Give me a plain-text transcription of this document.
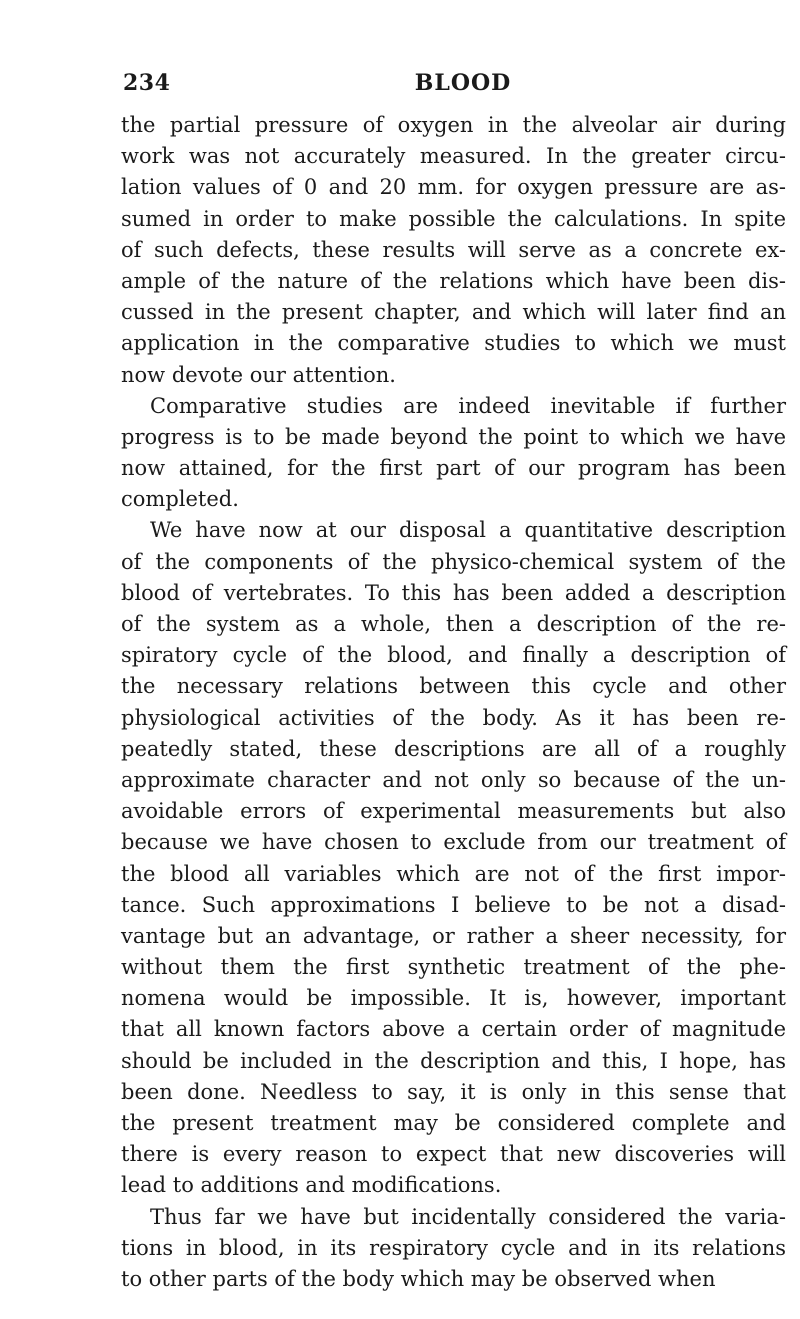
234	BLOOD
the partial pressure of oxygen in the alveolar air during
work was not accurately measured. In the greater circu-
lation values of 0 and 20 mm. for oxygen pressure are as-
sumed in order to make possible the calculations. In spite
of such defects, these results will serve as a concrete ex-
ample of the nature of the relations which have been dis-
cussed in the present chapter, and which will later find an
application in the comparative studies to which we must
now devote our attention.
Comparative studies are indeed inevitable if further
progress is to be made beyond the point to which we have
now attained, for the first part of our program has been
completed.
We have now at our disposal a quantitative description
of the components of the physico-chemical system of the
blood of vertebrates. To this has been added a description
of the system as a whole, then a description of the re-
spiratory cycle of the blood, and finally a description of
the necessary relations between this cycle and other
physiological activities of the body. As it has been re-
peatedly stated, these descriptions are all of a roughly
approximate character and not only so because of the un-
avoidable errors of experimental measurements but also
because we have chosen to exclude from our treatment of
the blood all variables which are not of the first impor-
tance. Such approximations I believe to be not a disad-
vantage but an advantage, or rather a sheer necessity, for
without them the first synthetic treatment of the phe-
nomena would be impossible. It is, however, important
that all known factors above a certain order of magnitude
should be included in the description and this, I hope, has
been done. Needless to say, it is only in this sense that
the present treatment may be considered complete and
there is every reason to expect that new discoveries will
lead to additions and modifications.
Thus far we have but incidentally considered the varia-
tions in blood, in its respiratory cycle and in its relations
to other parts of the body which may be observed when
